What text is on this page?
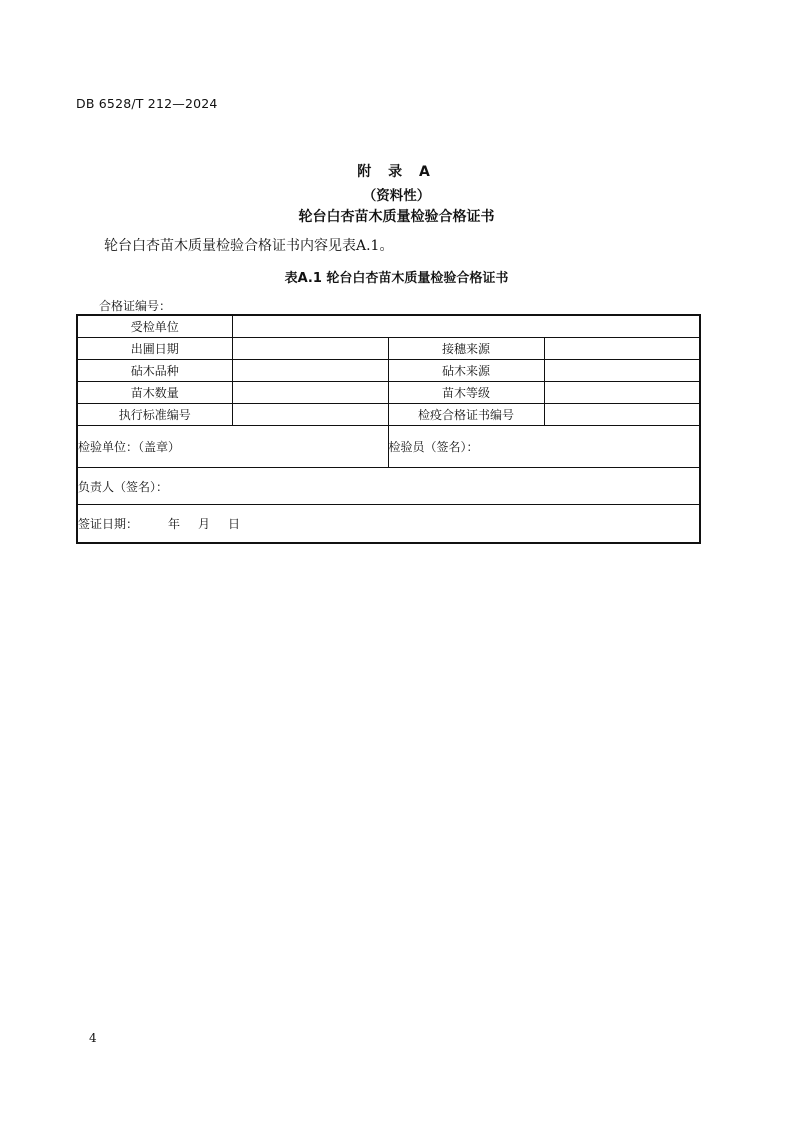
DB 6528/T 212—2024
附 录 A
（资料性）
轮台白杏苗木质量检验合格证书
轮台白杏苗木质量检验合格证书内容见表A.1。
表A.1 轮台白杏苗木质量检验合格证书
合格证编号：
受检单位			
出圃日期		接穗来源	
砧木品种		砧木来源	
苗木数量		苗木等级	
执行标准编号		检疫合格证书编号	
检验单位：（盖章）		检验员（签名）：	
负责人（签名）：			
签证日期： 年 月 日			
4
